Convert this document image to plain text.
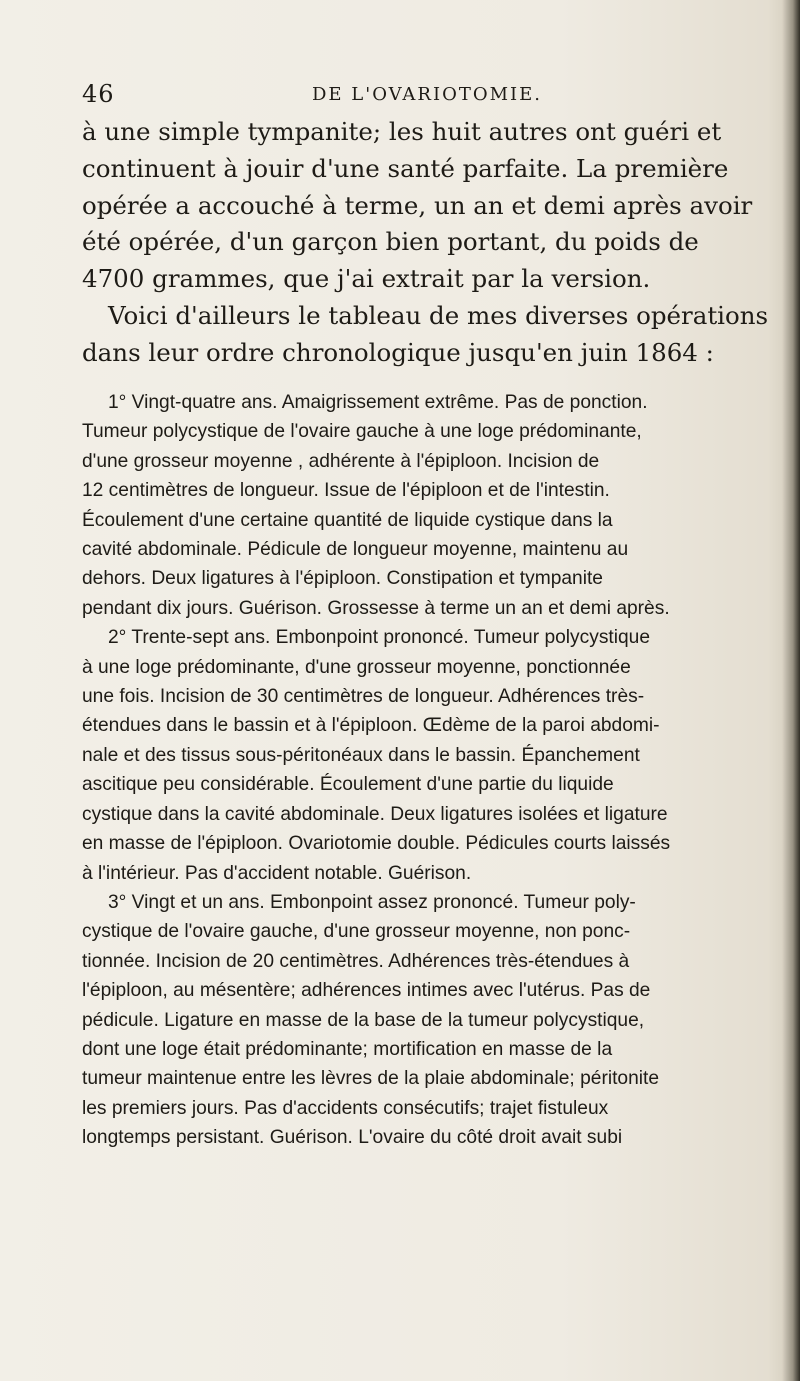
46	DE L'OVARIOTOMIE.
à une simple tympanite; les huit autres ont guéri et
continuent à jouir d'une santé parfaite. La première
opérée a accouché à terme, un an et demi après avoir
été opérée, d'un garçon bien portant, du poids de
4700 grammes, que j'ai extrait par la version.
Voici d'ailleurs le tableau de mes diverses opérations
dans leur ordre chronologique jusqu'en juin 1864 :
1° Vingt-quatre ans. Amaigrissement extrême. Pas de ponction.
Tumeur polycystique de l'ovaire gauche à une loge prédominante,
d'une grosseur moyenne , adhérente à l'épiploon. Incision de
12 centimètres de longueur. Issue de l'épiploon et de l'intestin.
Écoulement d'une certaine quantité de liquide cystique dans la
cavité abdominale. Pédicule de longueur moyenne, maintenu au
dehors. Deux ligatures à l'épiploon. Constipation et tympanite
pendant dix jours. Guérison. Grossesse à terme un an et demi après.
2° Trente-sept ans. Embonpoint prononcé. Tumeur polycystique
à une loge prédominante, d'une grosseur moyenne, ponctionnée
une fois. Incision de 30 centimètres de longueur. Adhérences très-
étendues dans le bassin et à l'épiploon. Œdème de la paroi abdomi-
nale et des tissus sous-péritonéaux dans le bassin. Épanchement
ascitique peu considérable. Écoulement d'une partie du liquide
cystique dans la cavité abdominale. Deux ligatures isolées et ligature
en masse de l'épiploon. Ovariotomie double. Pédicules courts laissés
à l'intérieur. Pas d'accident notable. Guérison.
3° Vingt et un ans. Embonpoint assez prononcé. Tumeur poly-
cystique de l'ovaire gauche, d'une grosseur moyenne, non ponc-
tionnée. Incision de 20 centimètres. Adhérences très-étendues à
l'épiploon, au mésentère; adhérences intimes avec l'utérus. Pas de
pédicule. Ligature en masse de la base de la tumeur polycystique,
dont une loge était prédominante; mortification en masse de la
tumeur maintenue entre les lèvres de la plaie abdominale; péritonite
les premiers jours. Pas d'accidents consécutifs; trajet fistuleux
longtemps persistant. Guérison. L'ovaire du côté droit avait subi
